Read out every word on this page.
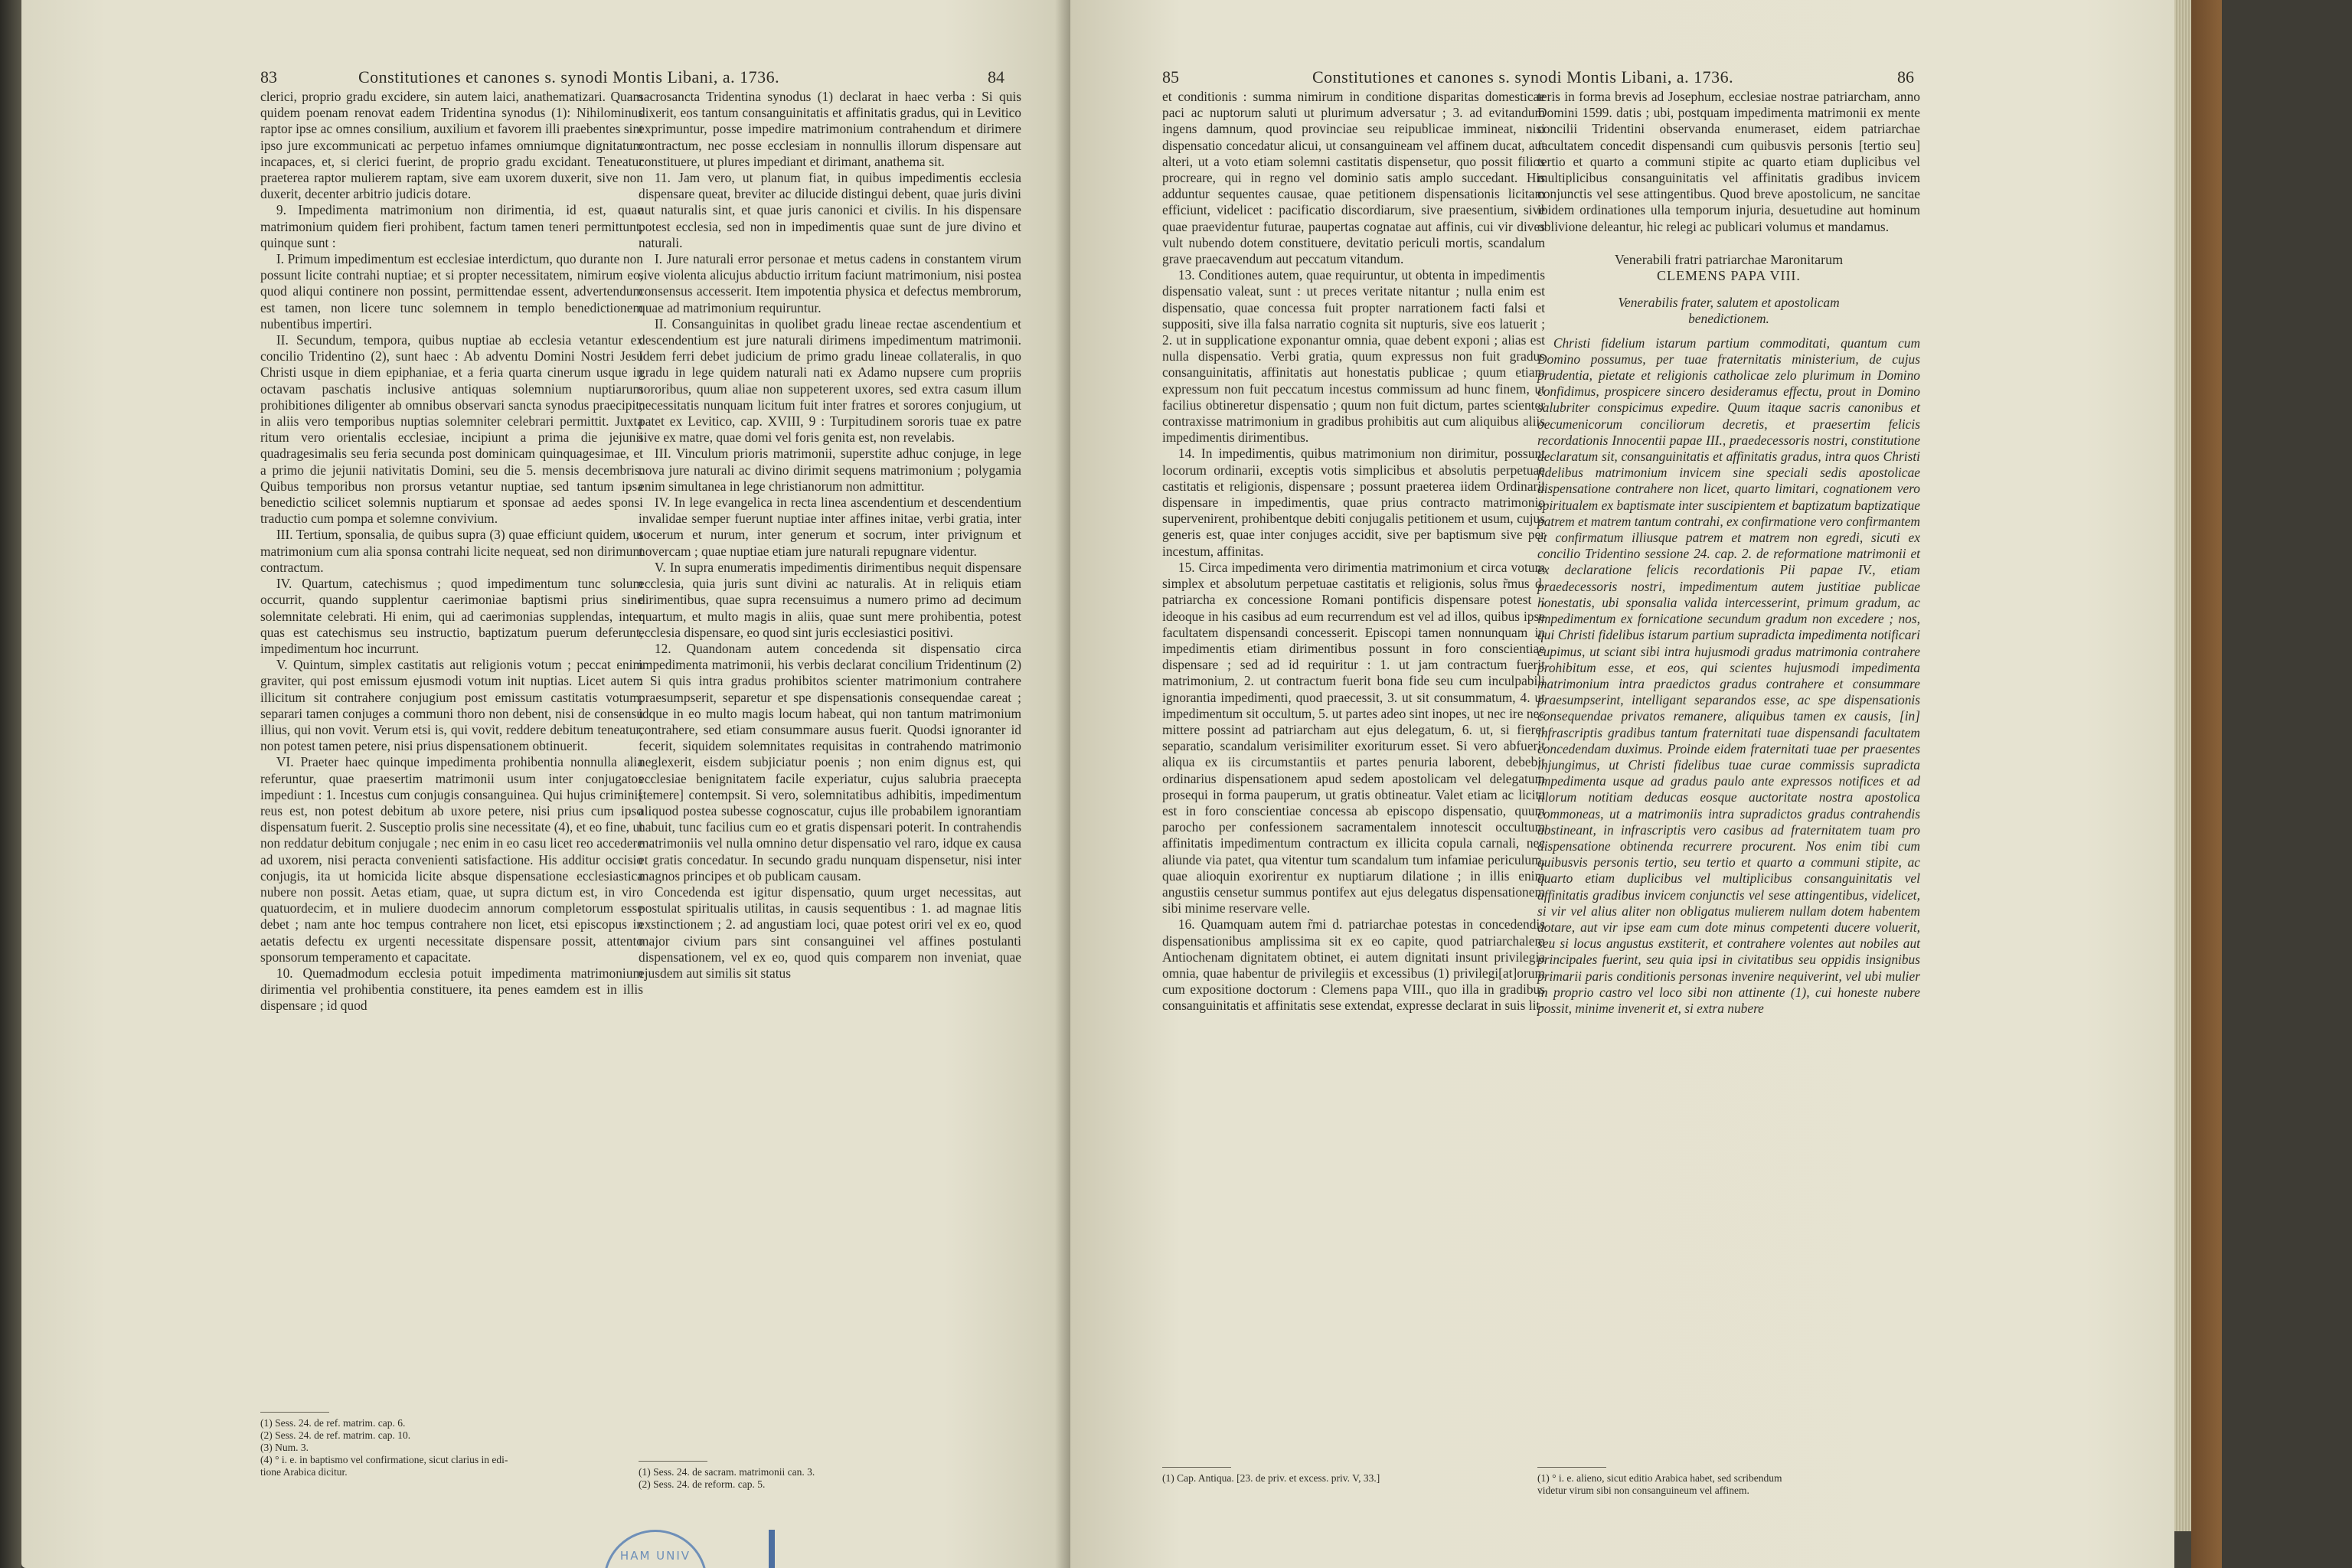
83	Constitutiones et canones s. synodi Montis Libani, a. 1736.	84

clerici, proprio gradu excidere, sin autem laici, anathematizari. Quam quidem poenam renovat eadem Tridentina synodus (1): Nihilominus raptor ipse ac omnes consilium, auxilium et favorem illi praebentes sint ipso jure excommunicati ac perpetuo infames omniumque dignitatum incapaces, et, si clerici fuerint, de proprio gradu excidant. Teneatur praeterea raptor mulierem raptam, sive eam uxorem duxerit, sive non duxerit, decenter arbitrio judicis dotare.

9. Impedimenta matrimonium non dirimentia, id est, quae matrimonium quidem fieri prohibent, factum tamen teneri permittunt, quinque sunt :

I. Primum impedimentum est ecclesiae interdictum, quo durante non possunt licite contrahi nuptiae; et si propter necessitatem, nimirum eo, quod aliqui continere non possint, permittendae essent, advertendum est tamen, non licere tunc solemnem in templo benedictionem nubentibus impertiri.

II. Secundum, tempora, quibus nuptiae ab ecclesia vetantur ex concilio Tridentino (2), sunt haec : Ab adventu Domini Nostri Jesu Christi usque in diem epiphaniae, et a feria quarta cinerum usque in octavam paschatis inclusive antiquas solemnium nuptiarum prohibitiones diligenter ab omnibus observari sancta synodus praecipit; in aliis vero temporibus nuptias solemniter celebrari permittit. Juxta ritum vero orientalis ecclesiae, incipiunt a prima die jejunii quadragesimalis seu feria secunda post dominicam quinquagesimae, et a primo die jejunii nativitatis Domini, seu die 5. mensis decembris. Quibus temporibus non prorsus vetantur nuptiae, sed tantum ipsa benedictio scilicet solemnis nuptiarum et sponsae ad aedes sponsi traductio cum pompa et solemne convivium.

III. Tertium, sponsalia, de quibus supra (3) quae efficiunt quidem, ut matrimonium cum alia sponsa contrahi licite nequeat, sed non dirimunt contractum.

IV. Quartum, catechismus ; quod impedimentum tunc solum occurrit, quando supplentur caerimoniae baptismi prius sine solemnitate celebrati. Hi enim, qui ad caerimonias supplendas, inter quas est catechismus seu instructio, baptizatum puerum deferunt, impedimentum hoc incurrunt.

V. Quintum, simplex castitatis aut religionis votum ; peccat enim graviter, qui post emissum ejusmodi votum init nuptias. Licet autem illicitum sit contrahere conjugium post emissum castitatis votum, separari tamen conjuges a communi thoro non debent, nisi de consensu illius, qui non vovit. Verum etsi is, qui vovit, reddere debitum teneatur, non potest tamen petere, nisi prius dispensationem obtinuerit.

VI. Praeter haec quinque impedimenta prohibentia nonnulla alia referuntur, quae praesertim matrimonii usum inter conjugatos impediunt : 1. Incestus cum conjugis consanguinea. Qui hujus criminis reus est, non potest debitum ab uxore petere, nisi prius cum ipso dispensatum fuerit. 2. Susceptio prolis sine necessitate (4), et eo fine, ut non reddatur debitum conjugale ; nec enim in eo casu licet reo accedere ad uxorem, nisi peracta convenienti satisfactione. His additur occisio conjugis, ita ut homicida licite absque dispensatione ecclesiastica nubere non possit. Aetas etiam, quae, ut supra dictum est, in viro quatuordecim, et in muliere duodecim annorum completorum esse debet ; nam ante hoc tempus contrahere non licet, etsi episcopus in aetatis defectu ex urgenti necessitate dispensare possit, attento sponsorum temperamento et capacitate.

10. Quemadmodum ecclesia potuit impedimenta matrimonium dirimentia vel prohibentia constituere, ita penes eamdem est in illis dispensare ; id quod

sacrosancta Tridentina synodus (1) declarat in haec verba : Si quis dixerit, eos tantum consanguinitatis et affinitatis gradus, qui in Levitico exprimuntur, posse impedire matrimonium contrahendum et dirimere contractum, nec posse ecclesiam in nonnullis illorum dispensare aut constituere, ut plures impediant et dirimant, anathema sit.

11. Jam vero, ut planum fiat, in quibus impedimentis ecclesia dispensare queat, breviter ac dilucide distingui debent, quae juris divini aut naturalis sint, et quae juris canonici et civilis. In his dispensare potest ecclesia, sed non in impedimentis quae sunt de jure divino et naturali.

I. Jure naturali error personae et metus cadens in constantem virum sive violenta alicujus abductio irritum faciunt matrimonium, nisi postea consensus accesserit. Item impotentia physica et defectus membrorum, quae ad matrimonium requiruntur.

II. Consanguinitas in quolibet gradu lineae rectae ascendentium et descendentium est jure naturali dirimens impedimentum matrimonii. Idem ferri debet judicium de primo gradu lineae collateralis, in quo gradu in lege quidem naturali nati ex Adamo nupsere cum propriis sororibus, quum aliae non suppeterent uxores, sed extra casum illum necessitatis nunquam licitum fuit inter fratres et sorores conjugium, ut patet ex Levitico, cap. XVIII, 9 : Turpitudinem sororis tuae ex patre sive ex matre, quae domi vel foris genita est, non revelabis.

III. Vinculum prioris matrimonii, superstite adhuc conjuge, in lege nova jure naturali ac divino dirimit sequens matrimonium ; polygamia enim simultanea in lege christianorum non admittitur.

IV. In lege evangelica in recta linea ascendentium et descendentium invalidae semper fuerunt nuptiae inter affines initae, verbi gratia, inter socerum et nurum, inter generum et socrum, inter privignum et novercam ; quae nuptiae etiam jure naturali repugnare videntur.

V. In supra enumeratis impedimentis dirimentibus nequit dispensare ecclesia, quia juris sunt divini ac naturalis. At in reliquis etiam dirimentibus, quae supra recensuimus a numero primo ad decimum quartum, et multo magis in aliis, quae sunt mere prohibentia, potest ecclesia dispensare, eo quod sint juris ecclesiastici positivi.

12. Quandonam autem concedenda sit dispensatio circa impedimenta matrimonii, his verbis declarat concilium Tridentinum (2) : Si quis intra gradus prohibitos scienter matrimonium contrahere praesumpserit, separetur et spe dispensationis consequendae careat ; idque in eo multo magis locum habeat, qui non tantum matrimonium contrahere, sed etiam consummare ausus fuerit. Quodsi ignoranter id fecerit, siquidem solemnitates requisitas in contrahendo matrimonio neglexerit, eisdem subjiciatur poenis ; non enim dignus est, qui ecclesiae benignitatem facile experiatur, cujus salubria praecepta [temere] contempsit. Si vero, solemnitatibus adhibitis, impedimentum aliquod postea subesse cognoscatur, cujus ille probabilem ignorantiam habuit, tunc facilius cum eo et gratis dispensari poterit. In contrahendis matrimoniis vel nulla omnino detur dispensatio vel raro, idque ex causa et gratis concedatur. In secundo gradu nunquam dispensetur, nisi inter magnos principes et ob publicam causam.

Concedenda est igitur dispensatio, quum urget necessitas, aut postulat spiritualis utilitas, in causis sequentibus : 1. ad magnae litis exstinctionem ; 2. ad angustiam loci, quae potest oriri vel ex eo, quod major civium pars sint consanguinei vel affines postulanti dispensationem, vel ex eo, quod quis comparem non inveniat, quae ejusdem aut similis sit status

(1) Sess. 24. de ref. matrim. cap. 6.
(2) Sess. 24. de ref. matrim. cap. 10.
(3) Num. 3.
(4) ° i. e. in baptismo vel confirmatione, sicut clarius in edi-
tione Arabica dicitur.	(1) Sess. 24. de sacram. matrimonii can. 3.
(2) Sess. 24. de reform. cap. 5.
HAM UNIV
85	Constitutiones et canones s. synodi Montis Libani, a. 1736.	86

et conditionis : summa nimirum in conditione disparitas domesticae paci ac nuptorum saluti ut plurimum adversatur ; 3. ad evitandum ingens damnum, quod provinciae seu reipublicae immineat, nisi dispensatio concedatur alicui, ut consanguineam vel affinem ducat, aut alteri, ut a voto etiam solemni castitatis dispensetur, quo possit filios procreare, qui in regno vel dominio satis amplo succedant. His adduntur sequentes causae, quae petitionem dispensationis licitam efficiunt, videlicet : pacificatio discordiarum, sive praesentium, sive quae praevidentur futurae, paupertas cognatae aut affinis, cui vir dives vult nubendo dotem constituere, devitatio periculi mortis, scandalum grave praecavendum aut peccatum vitandum.

13. Conditiones autem, quae requiruntur, ut obtenta in impedimentis dispensatio valeat, sunt : ut preces veritate nitantur ; nulla enim est dispensatio, quae concessa fuit propter narrationem facti falsi et suppositi, sive illa falsa narratio cognita sit nupturis, sive eos latuerit ; 2. ut in supplicatione exponantur omnia, quae debent exponi ; alias est nulla dispensatio. Verbi gratia, quum expressus non fuit gradus consanguinitatis, affinitatis aut honestatis publicae ; quum etiam expressum non fuit peccatum incestus commissum ad hunc finem, ut facilius obtineretur dispensatio ; quum non fuit dictum, partes scienter contraxisse matrimonium in gradibus prohibitis aut cum aliquibus aliis impedimentis dirimentibus.

14. In impedimentis, quibus matrimonium non dirimitur, possunt locorum ordinarii, exceptis votis simplicibus et absolutis perpetuae castitatis et religionis, dispensare ; possunt praeterea iidem Ordinarii dispensare in impedimentis, quae prius contracto matrimonio supervenirent, prohibentque debiti conjugalis petitionem et usum, cujus generis est, quae inter conjuges accidit, sive per baptismum sive per incestum, affinitas.

15. Circa impedimenta vero dirimentia matrimonium et circa votum simplex et absolutum perpetuae castitatis et religionis, solus r̃mus d. patriarcha ex concessione Romani pontificis dispensare potest ; ideoque in his casibus ad eum recurrendum est vel ad illos, quibus ipse facultatem dispensandi concesserit. Episcopi tamen nonnunquam in impedimentis etiam dirimentibus possunt in foro conscientiae dispensare ; sed ad id requiritur : 1. ut jam contractum fuerit matrimonium, 2. ut contractum fuerit bona fide seu cum inculpabili ignorantia impedimenti, quod praecessit, 3. ut sit consummatum, 4. ut impedimentum sit occultum, 5. ut partes adeo sint inopes, ut nec ire nec mittere possint ad patriarcham aut ejus delegatum, 6. ut, si fieret separatio, scandalum verisimiliter exoriturum esset. Si vero abfuerit aliqua ex iis circumstantiis et partes penuria laborent, debebit ordinarius dispensationem apud sedem apostolicam vel delegatum prosequi in forma pauperum, ut gratis obtineatur. Valet etiam ac licita est in foro conscientiae concessa ab episcopo dispensatio, quum parocho per confessionem sacramentalem innotescit occultum affinitatis impedimentum contractum ex illicita copula carnali, nec aliunde via patet, qua vitentur tum scandalum tum infamiae periculum, quae alioquin exorirentur ex nuptiarum dilatione ; in illis enim angustiis censetur summus pontifex aut ejus delegatus dispensationem sibi minime reservare velle.

16. Quamquam autem r̃mi d. patriarchae potestas in concedendis dispensationibus amplissima sit ex eo capite, quod patriarchalem Antiochenam dignitatem obtinet, ei autem dignitati insunt privilegia omnia, quae habentur de privilegiis et excessibus (1) privilegi[at]orum cum expositione doctorum : Clemens papa VIII., quo illa in gradibus consanguinitatis et affinitatis sese extendat, expresse declarat in suis lit-

teris in forma brevis ad Josephum, ecclesiae nostrae patriarcham, anno Domini 1599. datis ; ubi, postquam impedimenta matrimonii ex mente concilii Tridentini observanda enumeraset, eidem patriarchae facultatem concedit dispensandi cum quibusvis personis [tertio seu] tertio et quarto a communi stipite ac quarto etiam duplicibus vel multiplicibus consanguinitatis vel affinitatis gradibus invicem conjunctis vel sese attingentibus. Quod breve apostolicum, ne sancitae ibidem ordinationes ulla temporum injuria, desuetudine aut hominum oblivione deleantur, hic relegi ac publicari volumus et mandamus.

Venerabili fratri patriarchae Maronitarum

CLEMENS PAPA VIII.

Venerabilis frater, salutem et apostolicam benedictionem.

Christi fidelium istarum partium commoditati, quantum cum Domino possumus, per tuae fraternitatis ministerium, de cujus prudentia, pietate et religionis catholicae zelo plurimum in Domino confidimus, prospicere sincero desideramus effectu, prout in Domino salubriter conspicimus expedire. Quum itaque sacris canonibus et oecumenicorum conciliorum decretis, et praesertim felicis recordationis Innocentii papae III., praedecessoris nostri, constitutione declaratum sit, consanguinitatis et affinitatis gradus, intra quos Christi fidelibus matrimonium invicem sine speciali sedis apostolicae dispensatione contrahere non licet, quarto limitari, cognationem vero spiritualem ex baptismate inter suscipientem et baptizatum baptizatique patrem et matrem tantum contrahi, ex confirmatione vero confirmantem et confirmatum illiusque patrem et matrem non egredi, sicuti ex concilio Tridentino sessione 24. cap. 2. de reformatione matrimonii et ex declaratione felicis recordationis Pii papae IV., etiam praedecessoris nostri, impedimentum autem justitiae publicae honestatis, ubi sponsalia valida intercesserint, primum gradum, ac impedimentum ex fornicatione secundum gradum non excedere ; nos, qui Christi fidelibus istarum partium supradicta impedimenta notificari cupimus, ut sciant sibi intra hujusmodi gradus matrimonia contrahere prohibitum esse, et eos, qui scientes hujusmodi impedimenta matrimonium intra praedictos gradus contrahere et consummare praesumpserint, intelligant separandos esse, ac spe dispensationis consequendae privatos remanere, aliquibus tamen ex causis, [in] infrascriptis gradibus tantum fraternitati tuae dispensandi facultatem concedendam duximus. Proinde eidem fraternitati tuae per praesentes injungimus, ut Christi fidelibus tuae curae commissis supradicta impedimenta usque ad gradus paulo ante expressos notifices et ad illorum notitiam deducas eosque auctoritate nostra apostolica commoneas, ut a matrimoniis intra supradictos gradus contrahendis abstineant, in infrascriptis vero casibus ad fraternitatem tuam pro dispensatione obtinenda recurrere procurent. Nos enim tibi cum quibusvis personis tertio, seu tertio et quarto a communi stipite, ac quarto etiam duplicibus vel multiplicibus consanguinitatis vel affinitatis gradibus invicem conjunctis vel sese attingentibus, videlicet, si vir vel alius aliter non obligatus mulierem nullam dotem habentem dotare, aut vir ipse eam cum dote minus competenti ducere voluerit, seu si locus angustus exstiterit, et contrahere volentes aut nobiles aut principales fuerint, seu quia ipsi in civitatibus seu oppidis insignibus primarii paris conditionis personas invenire nequiverint, vel ubi mulier in proprio castro vel loco sibi non attinente (1), cui honeste nubere possit, minime invenerit et, si extra nubere

(1) Cap. Antiqua. [23. de priv. et excess. priv. V, 33.]	(1) ° i. e. alieno, sicut editio Arabica habet, sed scribendum
videtur virum sibi non consanguineum vel affinem.
